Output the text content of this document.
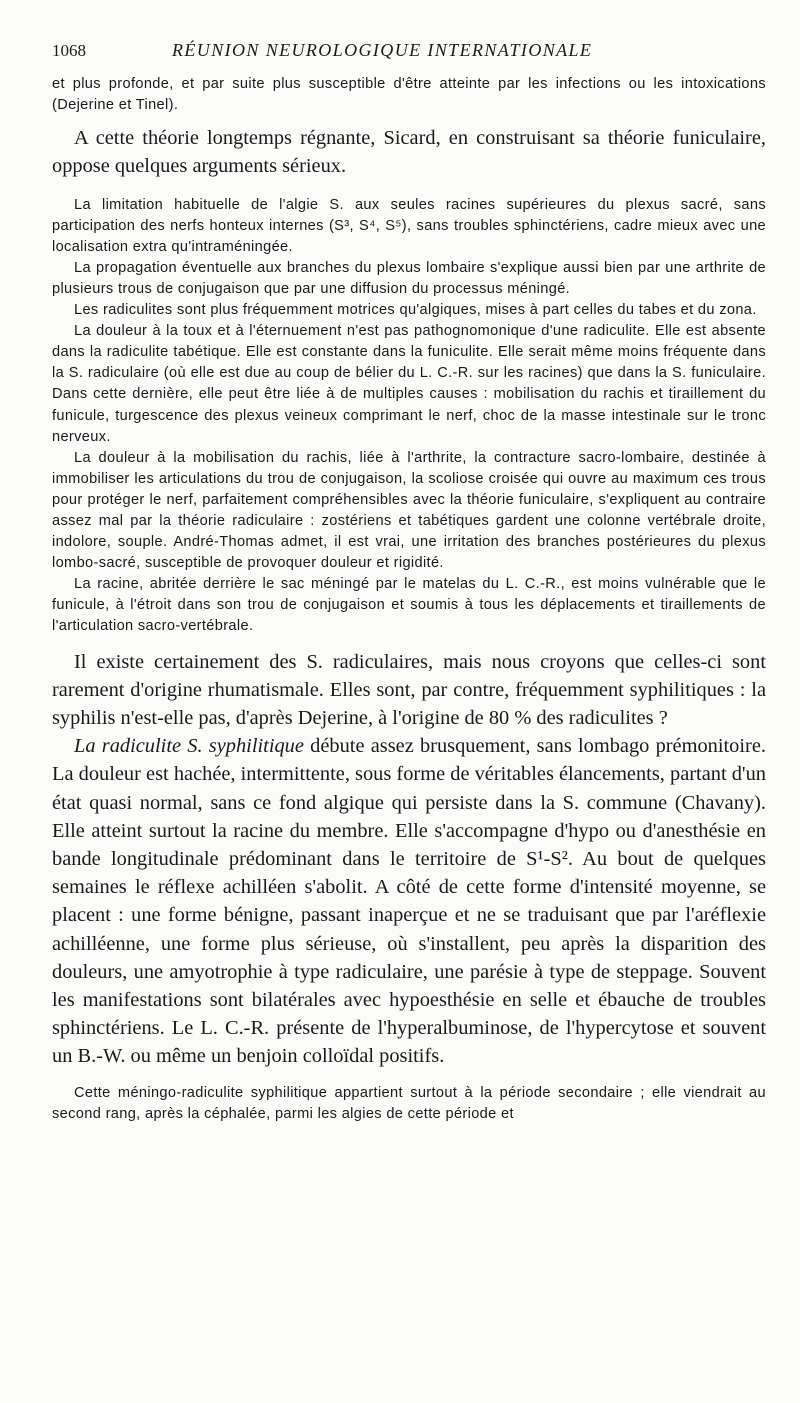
1068	RÉUNION NEUROLOGIQUE INTERNATIONALE

et plus profonde, et par suite plus susceptible d'être atteinte par les infections ou les intoxications (Dejerine et Tinel).

A cette théorie longtemps régnante, Sicard, en construisant sa théorie funiculaire, oppose quelques arguments sérieux.

La limitation habituelle de l'algie S. aux seules racines supérieures du plexus sacré, sans participation des nerfs honteux internes (S³, S⁴, S⁵), sans troubles sphinctériens, cadre mieux avec une localisation extra qu'intraméningée.

La propagation éventuelle aux branches du plexus lombaire s'explique aussi bien par une arthrite de plusieurs trous de conjugaison que par une diffusion du processus méningé.

Les radiculites sont plus fréquemment motrices qu'algiques, mises à part celles du tabes et du zona.

La douleur à la toux et à l'éternuement n'est pas pathognomonique d'une radiculite. Elle est absente dans la radiculite tabétique. Elle est constante dans la funiculite. Elle serait même moins fréquente dans la S. radiculaire (où elle est due au coup de bélier du L. C.-R. sur les racines) que dans la S. funiculaire. Dans cette dernière, elle peut être liée à de multiples causes : mobilisation du rachis et tiraillement du funicule, turgescence des plexus veineux comprimant le nerf, choc de la masse intestinale sur le tronc nerveux.

La douleur à la mobilisation du rachis, liée à l'arthrite, la contracture sacro-lombaire, destinée à immobiliser les articulations du trou de conjugaison, la scoliose croisée qui ouvre au maximum ces trous pour protéger le nerf, parfaitement compréhensibles avec la théorie funiculaire, s'expliquent au contraire assez mal par la théorie radiculaire : zostériens et tabétiques gardent une colonne vertébrale droite, indolore, souple. André-Thomas admet, il est vrai, une irritation des branches postérieures du plexus lombo-sacré, susceptible de provoquer douleur et rigidité.

La racine, abritée derrière le sac méningé par le matelas du L. C.-R., est moins vulnérable que le funicule, à l'étroit dans son trou de conjugaison et soumis à tous les déplacements et tiraillements de l'articulation sacro-vertébrale.

Il existe certainement des S. radiculaires, mais nous croyons que celles-ci sont rarement d'origine rhumatismale. Elles sont, par contre, fréquemment syphilitiques : la syphilis n'est-elle pas, d'après Dejerine, à l'origine de 80 % des radiculites ?

La radiculite S. syphilitique débute assez brusquement, sans lombago prémonitoire. La douleur est hachée, intermittente, sous forme de véritables élancements, partant d'un état quasi normal, sans ce fond algique qui persiste dans la S. commune (Chavany). Elle atteint surtout la racine du membre. Elle s'accompagne d'hypo ou d'anesthésie en bande longitudinale prédominant dans le territoire de S¹-S². Au bout de quelques semaines le réflexe achilléen s'abolit. A côté de cette forme d'intensité moyenne, se placent : une forme bénigne, passant inaperçue et ne se traduisant que par l'aréflexie achilléenne, une forme plus sérieuse, où s'installent, peu après la disparition des douleurs, une amyotrophie à type radiculaire, une parésie à type de steppage. Souvent les manifestations sont bilatérales avec hypoesthésie en selle et ébauche de troubles sphinctériens. Le L. C.-R. présente de l'hyperalbuminose, de l'hypercytose et souvent un B.-W. ou même un benjoin colloïdal positifs.

Cette méningo-radiculite syphilitique appartient surtout à la période secondaire ; elle viendrait au second rang, après la céphalée, parmi les algies de cette période et
